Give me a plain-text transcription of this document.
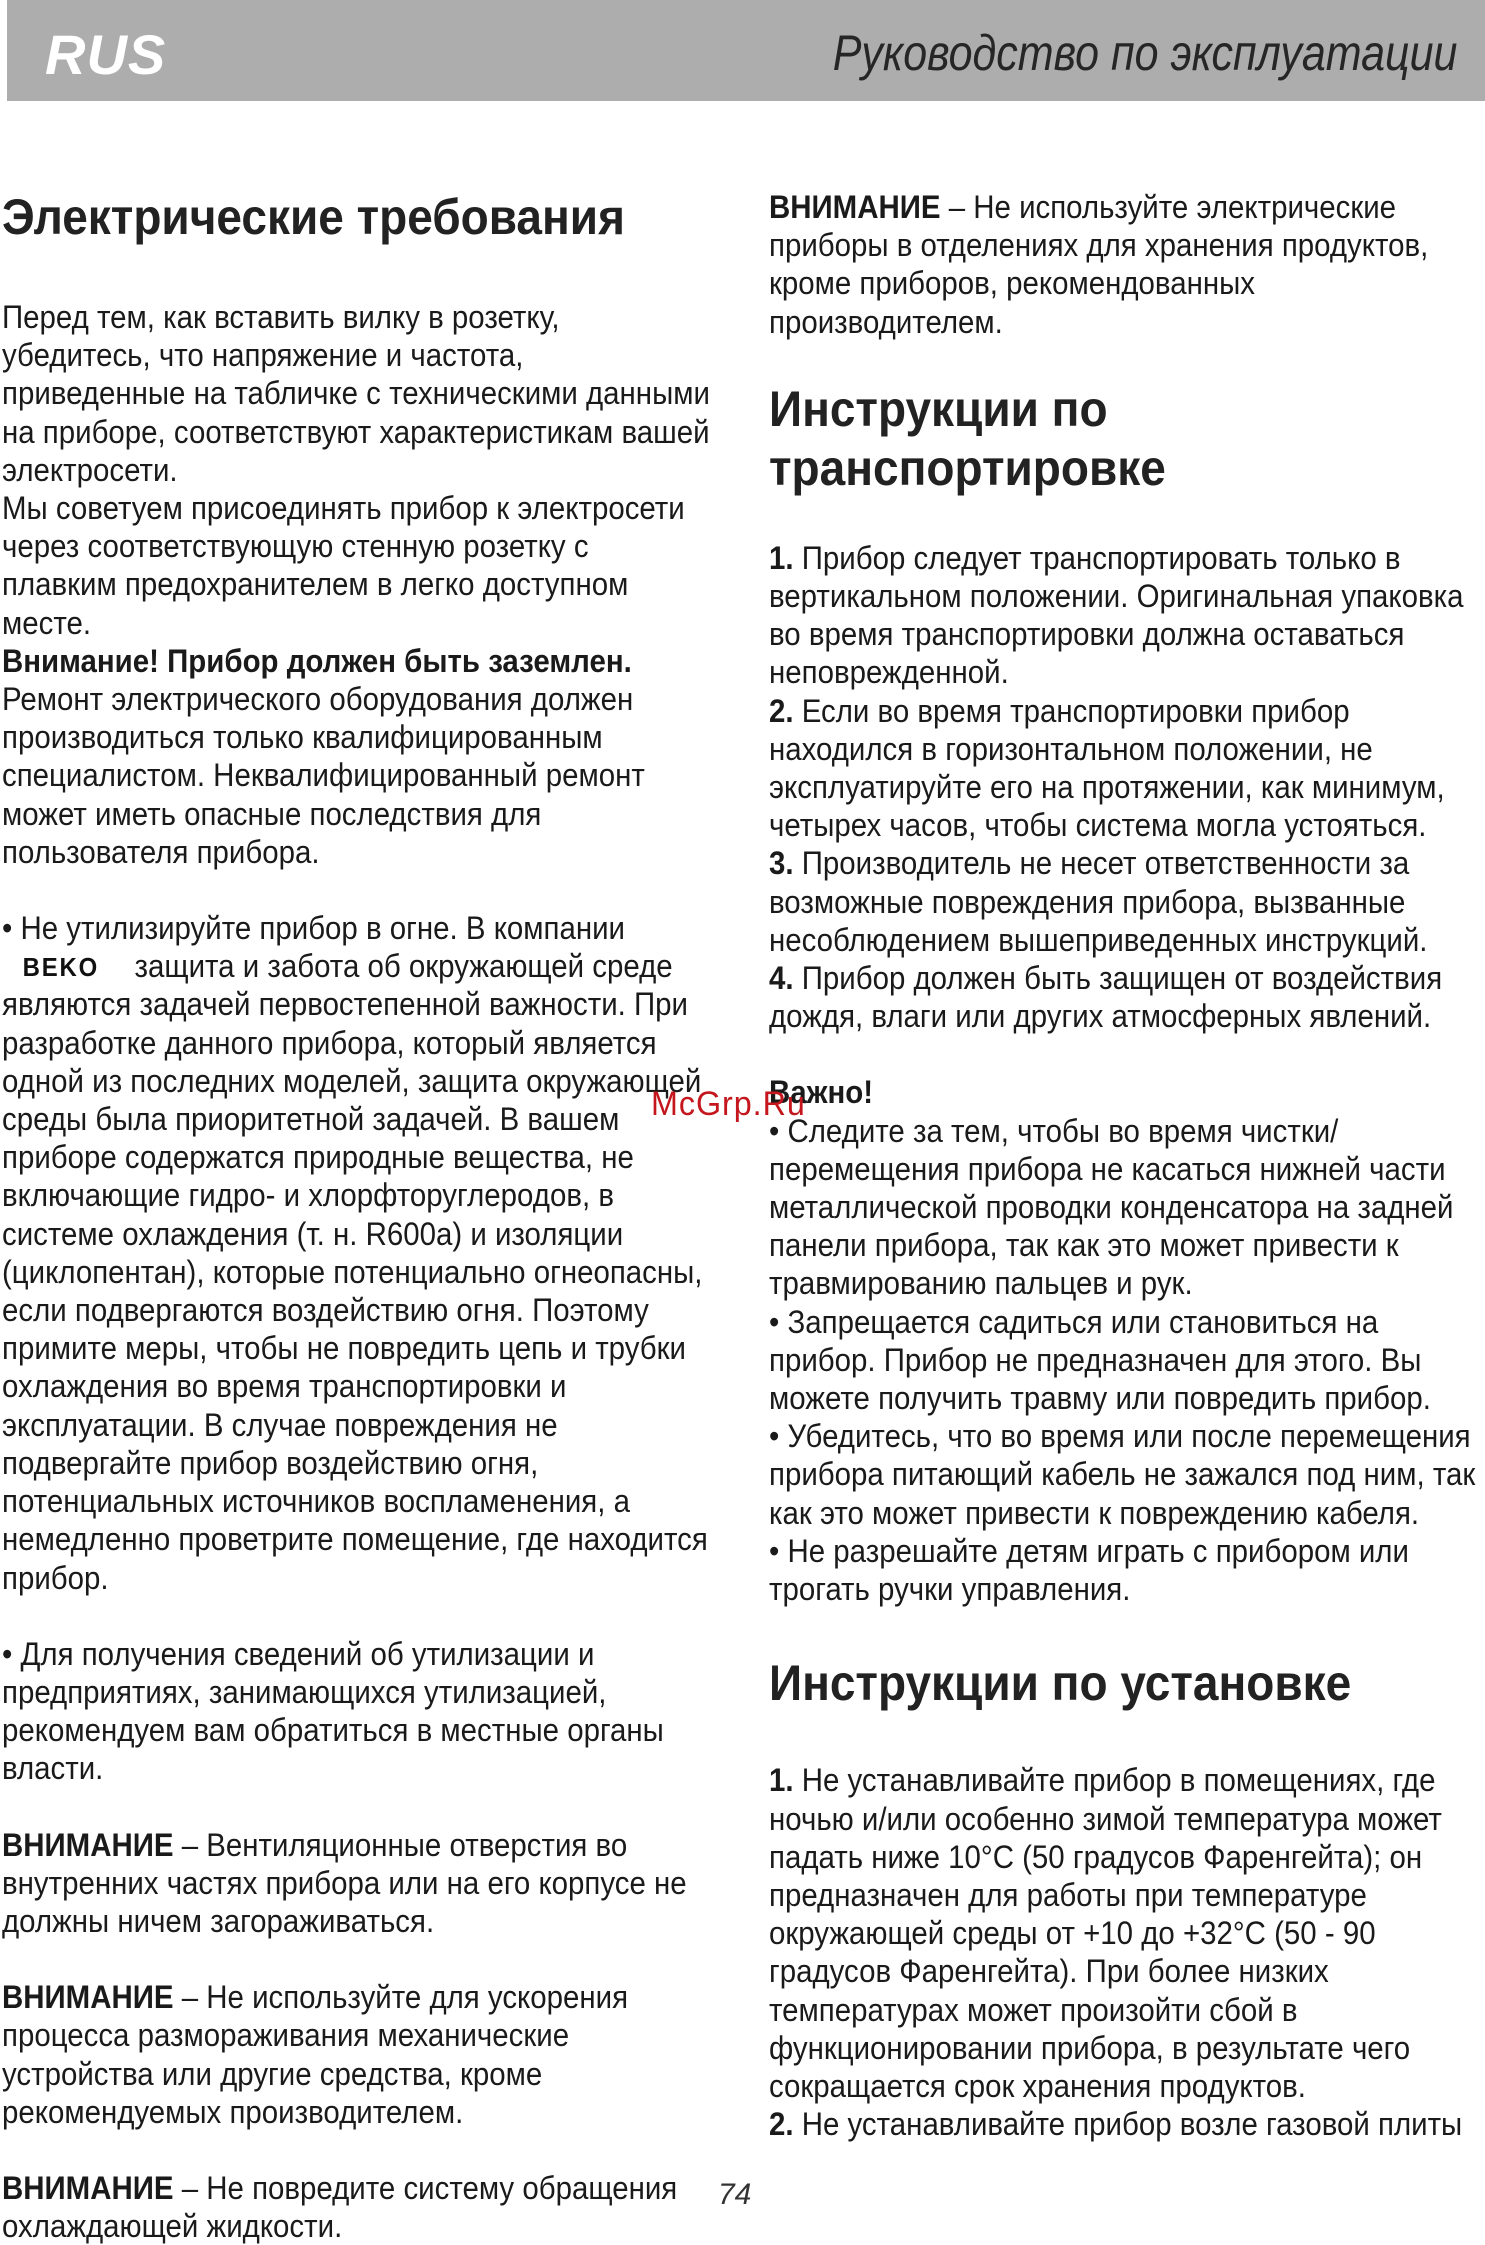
RUS	Руководство по эксплуатации
Электрические требования

Перед тем, как вставить вилку в розетку, убедитесь, что напряжение и частота, приведенные на табличке с техническими данными на приборе, соответствуют характеристикам вашей электросети.

Мы советуем присоединять прибор к электросети через соответствующую стенную розетку с плавким предохранителем в легко доступном месте.

Внимание! Прибор должен быть заземлен.

Ремонт электрического оборудования должен производиться только квалифицированным специалистом. Неквалифицированный ремонт может иметь опасные последствия для пользователя прибора.

• Не утилизируйте прибор в огне. В компании

BEKO защита и забота об окружающей среде являются задачей первостепенной важности. При разработке данного прибора, который является одной из последних моделей, защита окружающей среды была приоритетной задачей. В вашем приборе содержатся природные вещества, не включающие гидро- и хлорфторуглеродов, в системе охлаждения (т. н. R600a) и изоляции (циклопентан), которые потенциально огнеопасны, если подвергаются воздействию огня. Поэтому примите меры, чтобы не повредить цепь и трубки охлаждения во время транспортировки и эксплуатации. В случае повреждения не подвергайте прибор воздействию огня, потенциальных источников воспламенения, а немедленно проветрите помещение, где находится прибор.

• Для получения сведений об утилизации и предприятиях, занимающихся утилизацией, рекомендуем вам обратиться в местные органы власти.

ВНИМАНИЕ – Вентиляционные отверстия во внутренних частях прибора или на его корпусе не должны ничем загораживаться.

ВНИМАНИЕ – Не используйте для ускорения процесса размораживания механические устройства или другие средства, кроме рекомендуемых производителем.

ВНИМАНИЕ – Не повредите систему обращения охлаждающей жидкости.

ВНИМАНИЕ – Не используйте электрические приборы в отделениях для хранения продуктов, кроме приборов, рекомендованных производителем.

Инструкции по транспортировке

1. Прибор следует транспортировать только в вертикальном положении. Оригинальная упаковка во время транспортировки должна оставаться неповрежденной.

2. Если во время транспортировки прибор находился в горизонтальном положении, не эксплуатируйте его на протяжении, как минимум, четырех часов, чтобы система могла устояться.

3. Производитель не несет ответственности за возможные повреждения прибора, вызванные несоблюдением вышеприведенных инструкций.

4. Прибор должен быть защищен от воздействия дождя, влаги или других атмосферных явлений.

Важно!

• Следите за тем, чтобы во время чистки/перемещения прибора не касаться нижней части металлической проводки конденсатора на задней панели прибора, так как это может привести к травмированию пальцев и рук.

• Запрещается садиться или становиться на прибор. Прибор не предназначен для этого. Вы можете получить травму или повредить прибор.

• Убедитесь, что во время или после перемещения прибора питающий кабель не зажался под ним, так как это может привести к повреждению кабеля.

• Не разрешайте детям играть с прибором или трогать ручки управления.

Инструкции по установке

1. Не устанавливайте прибор в помещениях, где ночью и/или особенно зимой температура может падать ниже 10°С (50 градусов Фаренгейта); он предназначен для работы при температуре окружающей среды от +10 до +32°С (50 - 90 градусов Фаренгейта). При более низких температурах может произойти сбой в функционировании прибора, в результате чего сокращается срок хранения продуктов.

2. Не устанавливайте прибор возле газовой плиты

McGrp.Ru
74
